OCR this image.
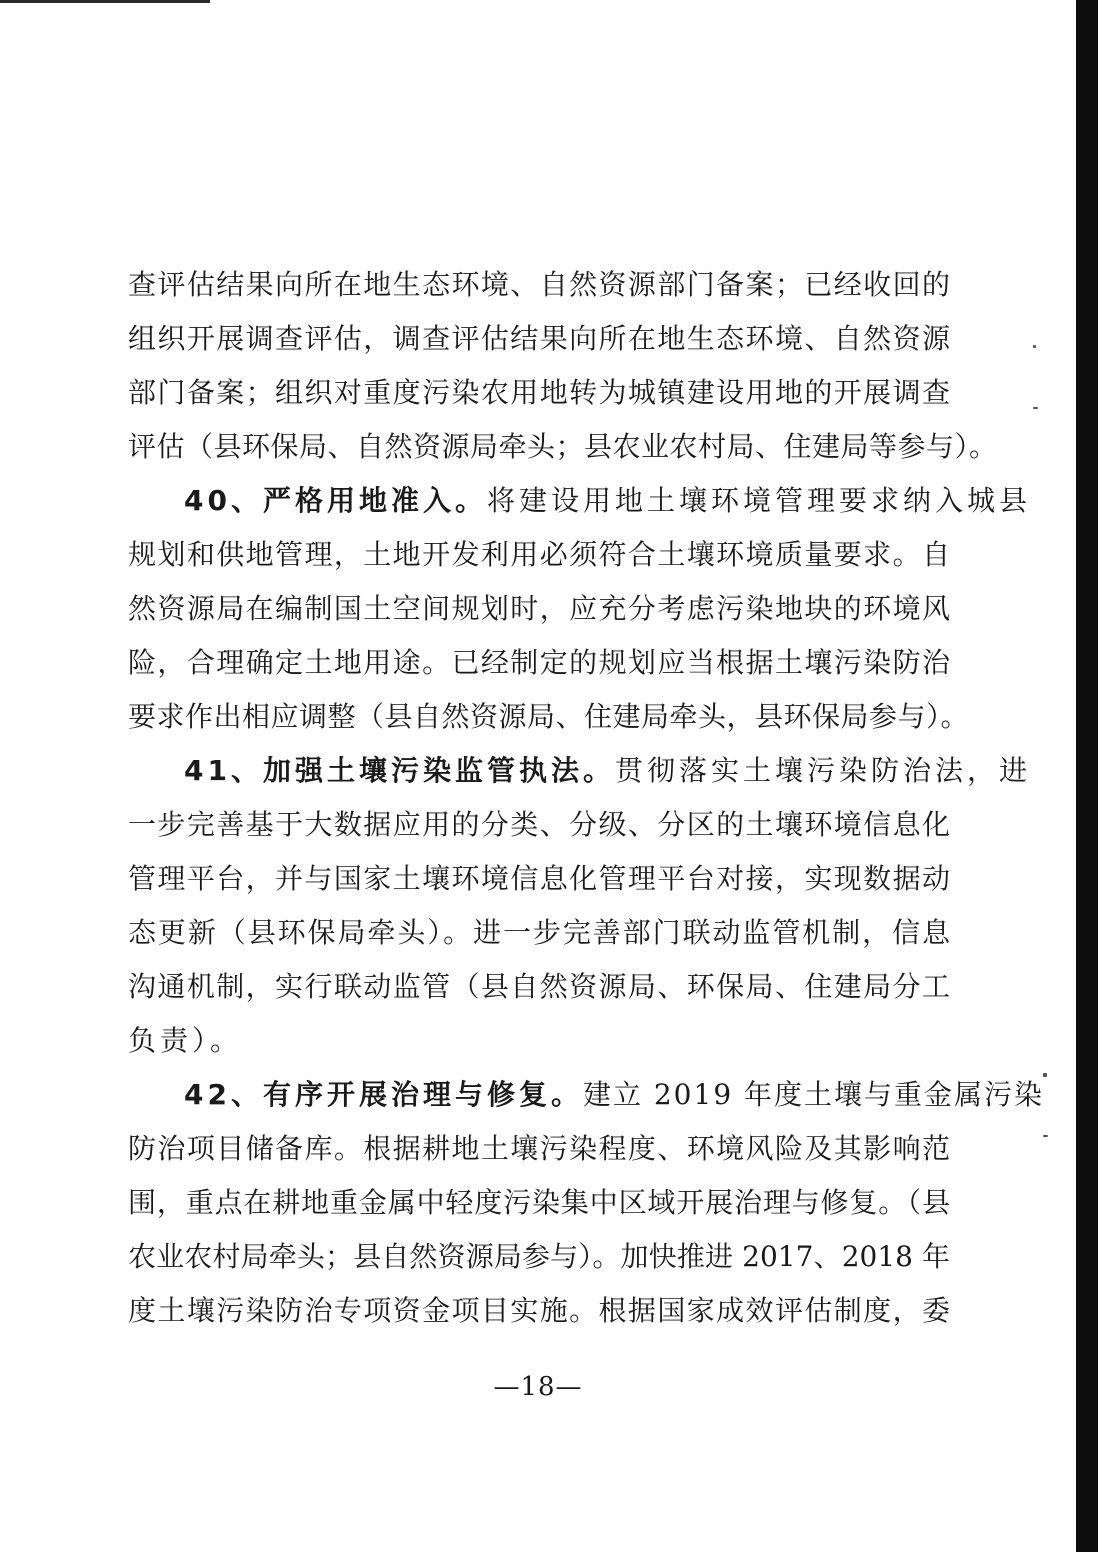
查评估结果向所在地生态环境、自然资源部门备案；已经收回的
组织开展调查评估，调查评估结果向所在地生态环境、自然资源
部门备案；组织对重度污染农用地转为城镇建设用地的开展调查
评估（县环保局、自然资源局牵头；县农业农村局、住建局等参与）。
40、严格用地准入。将建设用地土壤环境管理要求纳入城县
规划和供地管理，土地开发利用必须符合土壤环境质量要求。自
然资源局在编制国土空间规划时，应充分考虑污染地块的环境风
险，合理确定土地用途。已经制定的规划应当根据土壤污染防治
要求作出相应调整（县自然资源局、住建局牵头，县环保局参与）。
41、加强土壤污染监管执法。贯彻落实土壤污染防治法，进
一步完善基于大数据应用的分类、分级、分区的土壤环境信息化
管理平台，并与国家土壤环境信息化管理平台对接，实现数据动
态更新（县环保局牵头）。进一步完善部门联动监管机制，信息
沟通机制，实行联动监管（县自然资源局、环保局、住建局分工
负责）。
42、有序开展治理与修复。建立 2019 年度土壤与重金属污染
防治项目储备库。根据耕地土壤污染程度、环境风险及其影响范
围，重点在耕地重金属中轻度污染集中区域开展治理与修复。（县
农业农村局牵头；县自然资源局参与）。加快推进 2017、2018 年
度土壤污染防治专项资金项目实施。根据国家成效评估制度，委
—18—
